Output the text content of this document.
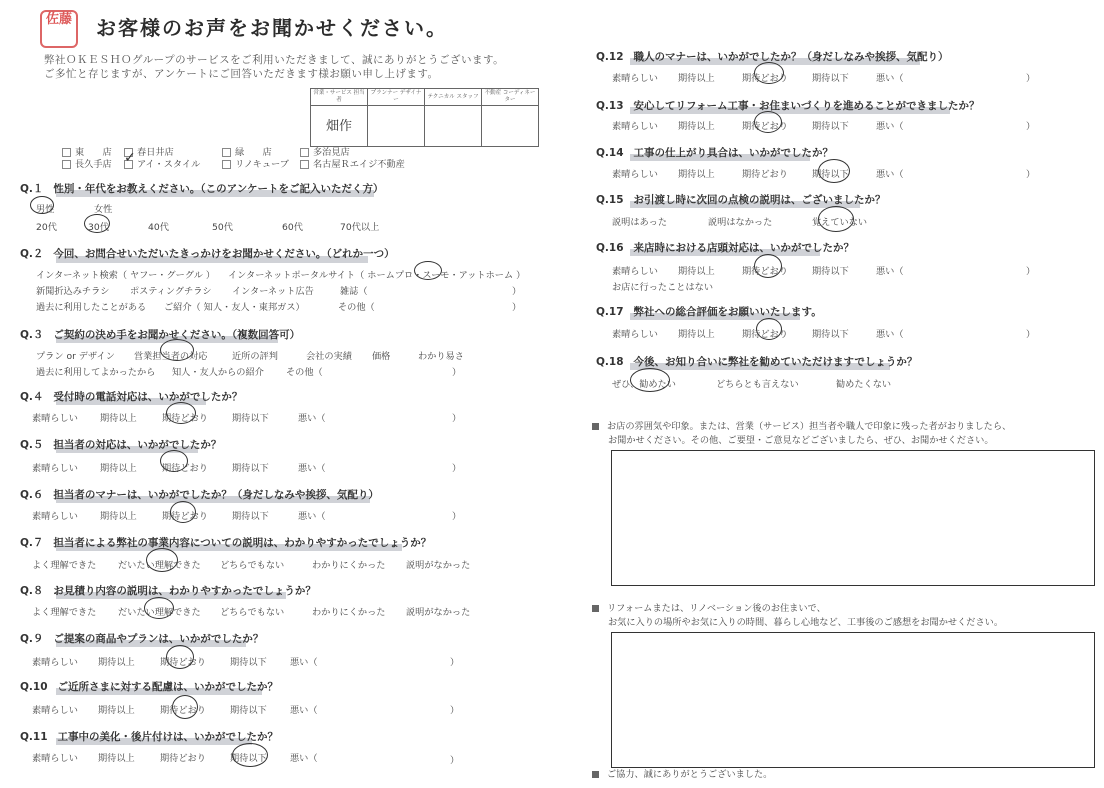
佐藤	お客様のお声をお聞かせください。
弊社ＯＫＥＳＨＯグループのサービスをご利用いただきまして、誠にありがとうございます。
ご多忙と存じますが、アンケートにご回答いただきます様お願い申し上げます。
営業・サービス 担当者	プランナー デザイナー	テクニカル スタッフ	不動産 コーディネーター
畑作			
東　　店	春日井店	緑　　店	多治見店
長久手店	アイ・スタイル	リノキューブ	名古屋Ｒエイジ不動産
✓
Q.１ 性別・年代をお教えください。（このアンケートをご記入いただく方）
男性	女性
20代	30代	40代	50代	60代	70代以上
Q.２ 今回、お問合せいただいたきっかけをお聞かせください。（どれか一つ）
インターネット検索（ ヤフー・グーグル ） インターネットポータルサイト（ ホームプロ・スーモ・アットホーム ）
新聞折込みチラシ ポスティングチラシ インターネット広告	雑誌（	）
過去に利用したことがある ご紹介（ 知人・友人・東邦ガス）	その他（	）
Q.３ ご契約の決め手をお聞かせください。（複数回答可）
プラン or デザイン 営業担当者の対応	近所の評判	会社の実績 価格	わかり易さ
過去に利用してよかったから 知人・友人からの紹介 その他（	）
Q.４ 受付時の電話対応は、いかがでしたか？
素晴らしい 期待以上	期待どおり	期待以下	悪い（	）
Q.５ 担当者の対応は、いかがでしたか？
素晴らしい 期待以上	期待どおり	期待以下	悪い（	）
Q.６ 担当者のマナーは、いかがでしたか？（身だしなみや挨拶、気配り）
素晴らしい 期待以上	期待どおり	期待以下	悪い（	）
Q.７ 担当者による弊社の事業内容についての説明は、わかりやすかったでしょうか？
よく理解できた だいたい理解できた どちらでもない	わかりにくかった 説明がなかった
Q.８ お見積り内容の説明は、わかりやすかったでしょうか？
よく理解できた だいたい理解できた どちらでもない	わかりにくかった 説明がなかった
Q.９ ご提案の商品やプランは、いかがでしたか？
素晴らしい 期待以上	期待どおり	期待以下	悪い（	）
Q.10 ご近所さまに対する配慮は、いかがでしたか？
素晴らしい 期待以上	期待どおり	期待以下	悪い（	）
Q.11 工事中の美化・後片付けは、いかがでしたか？
素晴らしい 期待以上	期待どおり	期待以下	悪い（	）
Q.12 職人のマナーは、いかがでしたか？（身だしなみや挨拶、気配り）
素晴らしい 期待以上	期待どおり	期待以下	悪い（	）
Q.13 安心してリフォーム工事・お住まいづくりを進めることができましたか？
素晴らしい 期待以上	期待どおり	期待以下	悪い（	）
Q.14 工事の仕上がり具合は、いかがでしたか？
素晴らしい 期待以上	期待どおり	期待以下	悪い（	）
Q.15 お引渡し時に次回の点検の説明は、ございましたか？
説明はあった	説明はなかった	覚えていない
Q.16 来店時における店頭対応は、いかがでしたか？
素晴らしい 期待以上	期待どおり	期待以下	悪い（	）
お店に行ったことはない
Q.17 弊社への総合評価をお願いいたします。
素晴らしい 期待以上	期待どおり	期待以下	悪い（	）
Q.18 今後、お知り合いに弊社を勧めていただけますでしょうか？
ぜひ、勧めたい	どちらとも言えない	勧めたくない
お店の雰囲気や印象。または、営業（サービス）担当者や職人で印象に残った者がおりましたら、
お聞かせください。その他、ご要望・ご意見などございましたら、ぜひ、お聞かせください。
リフォームまたは、リノベーション後のお住まいで、
お気に入りの場所やお気に入りの時間、暮らし心地など、工事後のご感想をお聞かせください。
ご協力、誠にありがとうございました。
